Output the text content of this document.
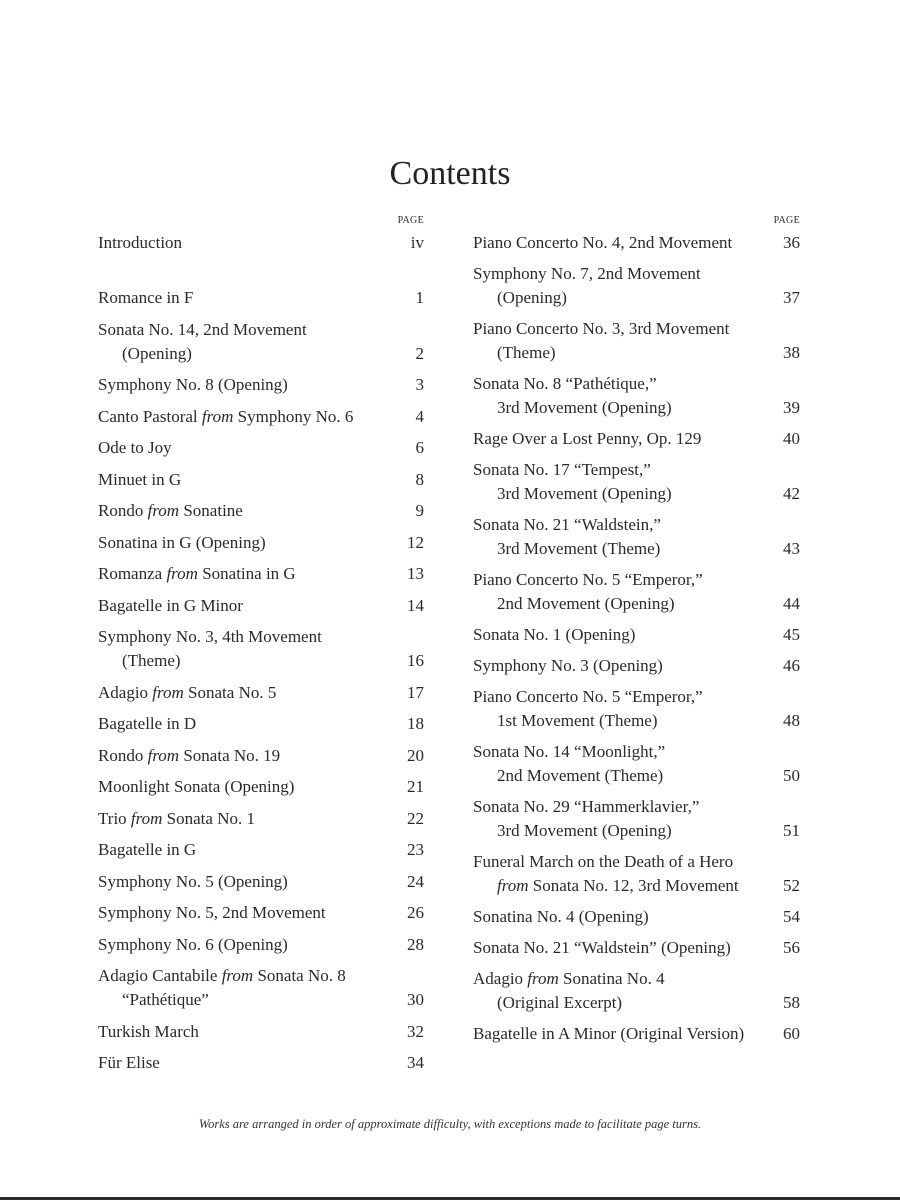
Contents
PAGE
Introduction	iv
Romance in F	1
Sonata No. 14, 2nd Movement
(Opening)	2
Symphony No. 8 (Opening)	3
Canto Pastoral from Symphony No. 6	4
Ode to Joy	6
Minuet in G	8
Rondo from Sonatine	9
Sonatina in G (Opening)	12
Romanza from Sonatina in G	13
Bagatelle in G Minor	14
Symphony No. 3, 4th Movement
(Theme)	16
Adagio from Sonata No. 5	17
Bagatelle in D	18
Rondo from Sonata No. 19	20
Moonlight Sonata (Opening)	21
Trio from Sonata No. 1	22
Bagatelle in G	23
Symphony No. 5 (Opening)	24
Symphony No. 5, 2nd Movement	26
Symphony No. 6 (Opening)	28
Adagio Cantabile from Sonata No. 8
“Pathétique”	30
Turkish March	32
Für Elise	34
PAGE
Piano Concerto No. 4, 2nd Movement	36
Symphony No. 7, 2nd Movement
(Opening)	37
Piano Concerto No. 3, 3rd Movement
(Theme)	38
Sonata No. 8 “Pathétique,”
3rd Movement (Opening)	39
Rage Over a Lost Penny, Op. 129	40
Sonata No. 17 “Tempest,”
3rd Movement (Opening)	42
Sonata No. 21 “Waldstein,”
3rd Movement (Theme)	43
Piano Concerto No. 5 “Emperor,”
2nd Movement (Opening)	44
Sonata No. 1 (Opening)	45
Symphony No. 3 (Opening)	46
Piano Concerto No. 5 “Emperor,”
1st Movement (Theme)	48
Sonata No. 14 “Moonlight,”
2nd Movement (Theme)	50
Sonata No. 29 “Hammerklavier,”
3rd Movement (Opening)	51
Funeral March on the Death of a Hero
from Sonata No. 12, 3rd Movement	52
Sonatina No. 4 (Opening)	54
Sonata No. 21 “Waldstein” (Opening)	56
Adagio from Sonatina No. 4
(Original Excerpt)	58
Bagatelle in A Minor (Original Version)	60
Works are arranged in order of approximate difficulty, with exceptions made to facilitate page turns.
